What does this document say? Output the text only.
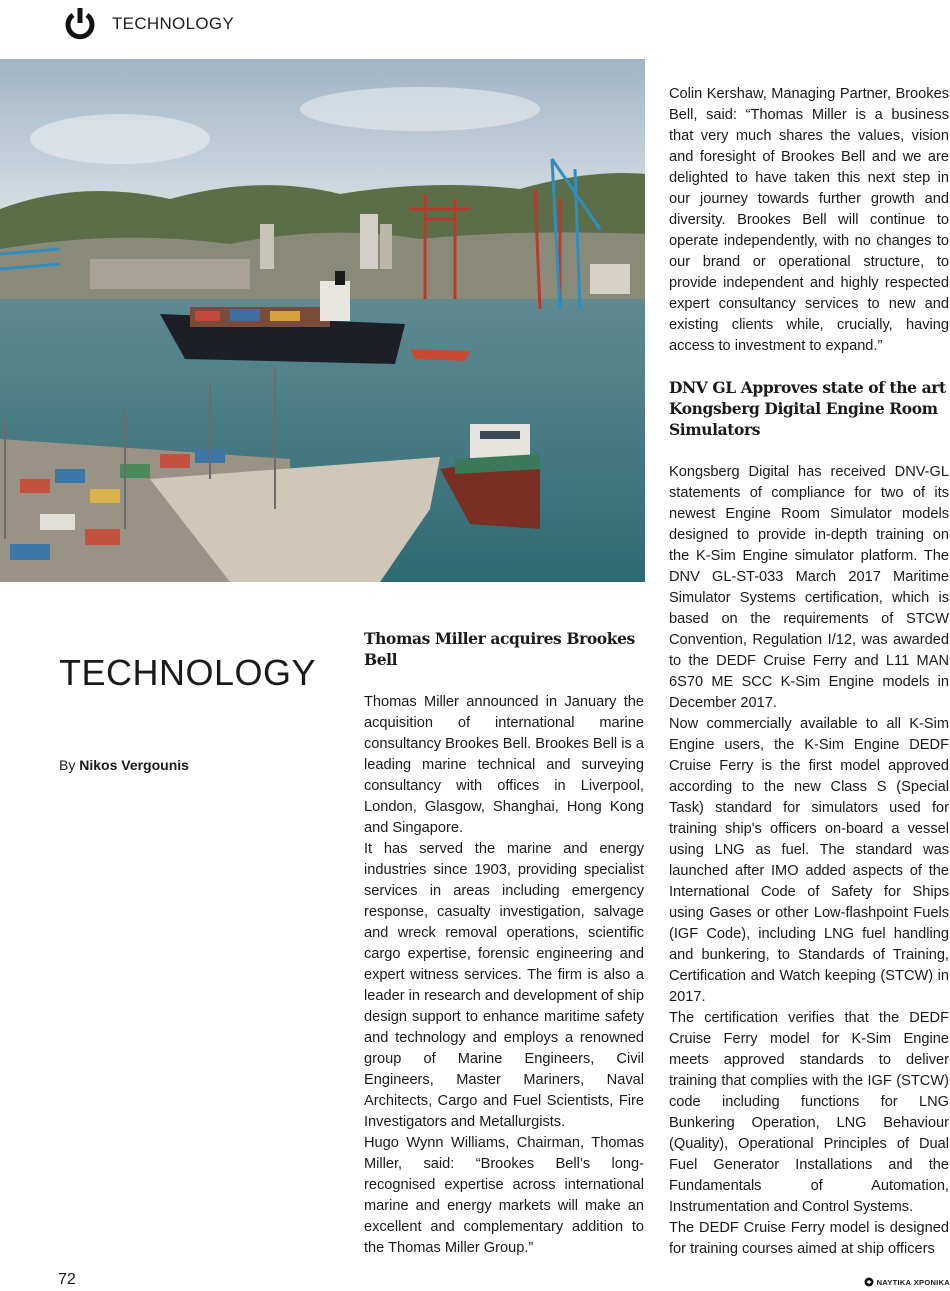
TECHNOLOGY
TECHNOLOGY
By Nikos Vergounis
Thomas Miller acquires Brookes Bell

Thomas Miller announced in January the acquisition of international marine consultancy Brookes Bell. Brookes Bell is a leading marine technical and surveying consultancy with offices in Liverpool, London, Glasgow, Shanghai, Hong Kong and Singapore.

It has served the marine and energy industries since 1903, providing specialist services in areas including emergency response, casualty investigation, salvage and wreck removal operations, scientific cargo expertise, forensic engineering and expert witness services. The firm is also a leader in research and development of ship design support to enhance maritime safety and technology and employs a renowned group of Marine Engineers, Civil Engineers, Master Mariners, Naval Architects, Cargo and Fuel Scientists, Fire Investigators and Metallurgists.

Hugo Wynn Williams, Chairman, Thomas Miller, said: “Brookes Bell’s long-recognised expertise across international marine and energy markets will make an excellent and complementary addition to the Thomas Miller Group.”

Colin Kershaw, Managing Partner, Brookes Bell, said: “Thomas Miller is a business that very much shares the values, vision and foresight of Brookes Bell and we are delighted to have taken this next step in our journey towards further growth and diversity. Brookes Bell will continue to operate independently, with no changes to our brand or operational structure, to provide independent and highly respected expert consultancy services to new and existing clients while, crucially, having access to investment to expand.”

DNV GL Approves state of the art Kongsberg Digital Engine Room Simulators

Kongsberg Digital has received DNV-GL statements of compliance for two of its newest Engine Room Simulator models designed to provide in-depth training on the K-Sim Engine simulator platform. The DNV GL-ST-033 March 2017 Maritime Simulator Systems certification, which is based on the requirements of STCW Convention, Regulation I/12, was awarded to the DEDF Cruise Ferry and L11 MAN 6S70 ME SCC K-Sim Engine models in December 2017.

Now commercially available to all K-Sim Engine users, the K-Sim Engine DEDF Cruise Ferry is the first model approved according to the new Class S (Special Task) standard for simulators used for training ship's officers on-board a vessel using LNG as fuel. The standard was launched after IMO added aspects of the International Code of Safety for Ships using Gases or other Low-flashpoint Fuels (IGF Code), including LNG fuel handling and bunkering, to Standards of Training, Certification and Watch keeping (STCW) in 2017.

The certification verifies that the DEDF Cruise Ferry model for K-Sim Engine meets approved standards to deliver training that complies with the IGF (STCW) code including functions for LNG Bunkering Operation, LNG Behaviour (Quality), Operational Principles of Dual Fuel Generator Installations and the Fundamentals of Automation, Instrumentation and Control Systems.

The DEDF Cruise Ferry model is designed for training courses aimed at ship officers

72	ΝΑΥΤΙΚΑ ΧΡΟΝΙΚΑ
